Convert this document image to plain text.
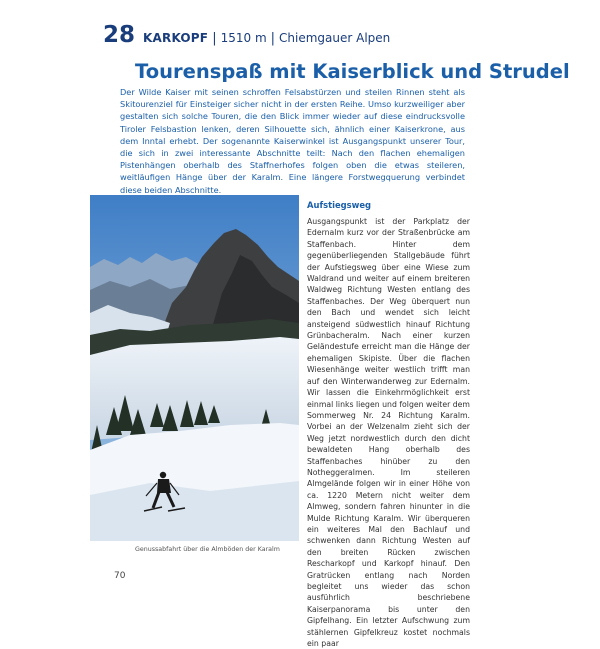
28 KARKOPF | 1510 m | Chiemgauer Alpen
Tourenspaß mit Kaiserblick und Strudel

Der Wilde Kaiser mit seinen schroffen Felsabstürzen und steilen Rinnen steht als Skitourenziel für Einsteiger sicher nicht in der ersten Reihe. Umso kurzweiliger aber gestalten sich solche Touren, die den Blick immer wieder auf diese eindrucksvolle Tiroler Felsbastion lenken, deren Silhouette sich, ähnlich einer Kaiserkrone, aus dem Inntal erhebt. Der sogenannte Kaiserwinkel ist Ausgangspunkt unserer Tour, die sich in zwei interessante Abschnitte teilt: Nach den flachen ehemaligen Pistenhängen oberhalb des Staffnerhofes folgen oben die etwas steileren, weitläufigen Hänge über der Karalm. Eine längere Forstwegquerung verbindet diese beiden Abschnitte.

Genussabfahrt über die Almböden der Karalm
Aufstiegsweg

Ausgangspunkt ist der Parkplatz der Edernalm kurz vor der Straßenbrücke am Staffenbach. Hinter dem gegenüberliegenden Stallgebäude führt der Aufstiegsweg über eine Wiese zum Waldrand und weiter auf einem breiteren Waldweg Richtung Westen entlang des Staffenbaches. Der Weg überquert nun den Bach und wendet sich leicht ansteigend südwestlich hinauf Richtung Grünbacheralm. Nach einer kurzen Geländestufe erreicht man die Hänge der ehemaligen Skipiste. Über die flachen Wiesenhänge weiter westlich trifft man auf den Winterwanderweg zur Edernalm. Wir lassen die Einkehrmöglichkeit erst einmal links liegen und folgen weiter dem Sommerweg Nr. 24 Richtung Karalm. Vorbei an der Welzenalm zieht sich der Weg jetzt nordwestlich durch den dicht bewaldeten Hang oberhalb des Staffenbaches hinüber zu den Notheggeralmen. Im steileren Almgelände folgen wir in einer Höhe von ca. 1220 Metern nicht weiter dem Almweg, sondern fahren hinunter in die Mulde Richtung Karalm. Wir überqueren ein weiteres Mal den Bachlauf und schwenken dann Richtung Westen auf den breiten Rücken zwischen Rescharkopf und Karkopf hinauf. Den Gratrücken entlang nach Norden begleitet uns wieder das schon ausführlich beschriebene Kaiserpanorama bis unter den Gipfelhang. Ein letzter Aufschwung zum stählernen Gipfelkreuz kostet nochmals ein paar

70
